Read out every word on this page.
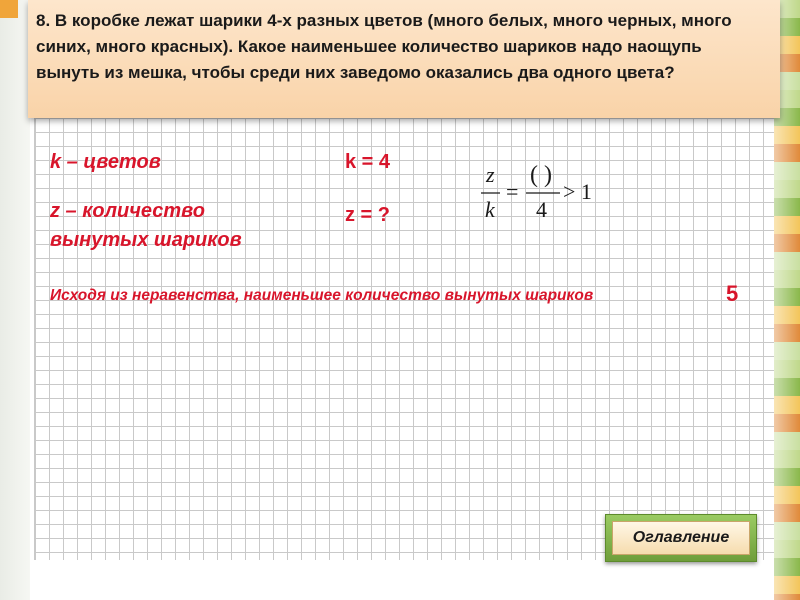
8. В коробке лежат шарики 4-х разных цветов (много белых, много черных, много синих, много красных). Какое наименьшее количество шариков надо наощупь вынуть из мешка, чтобы среди них заведомо оказались два одного цвета?
k – цветов
z – количество вынутых шариков
k = 4
z = ?
z
k
=
( )
4
> 1
Исходя из неравенства, наименьшее количество вынутых шариков	5
Оглавление
